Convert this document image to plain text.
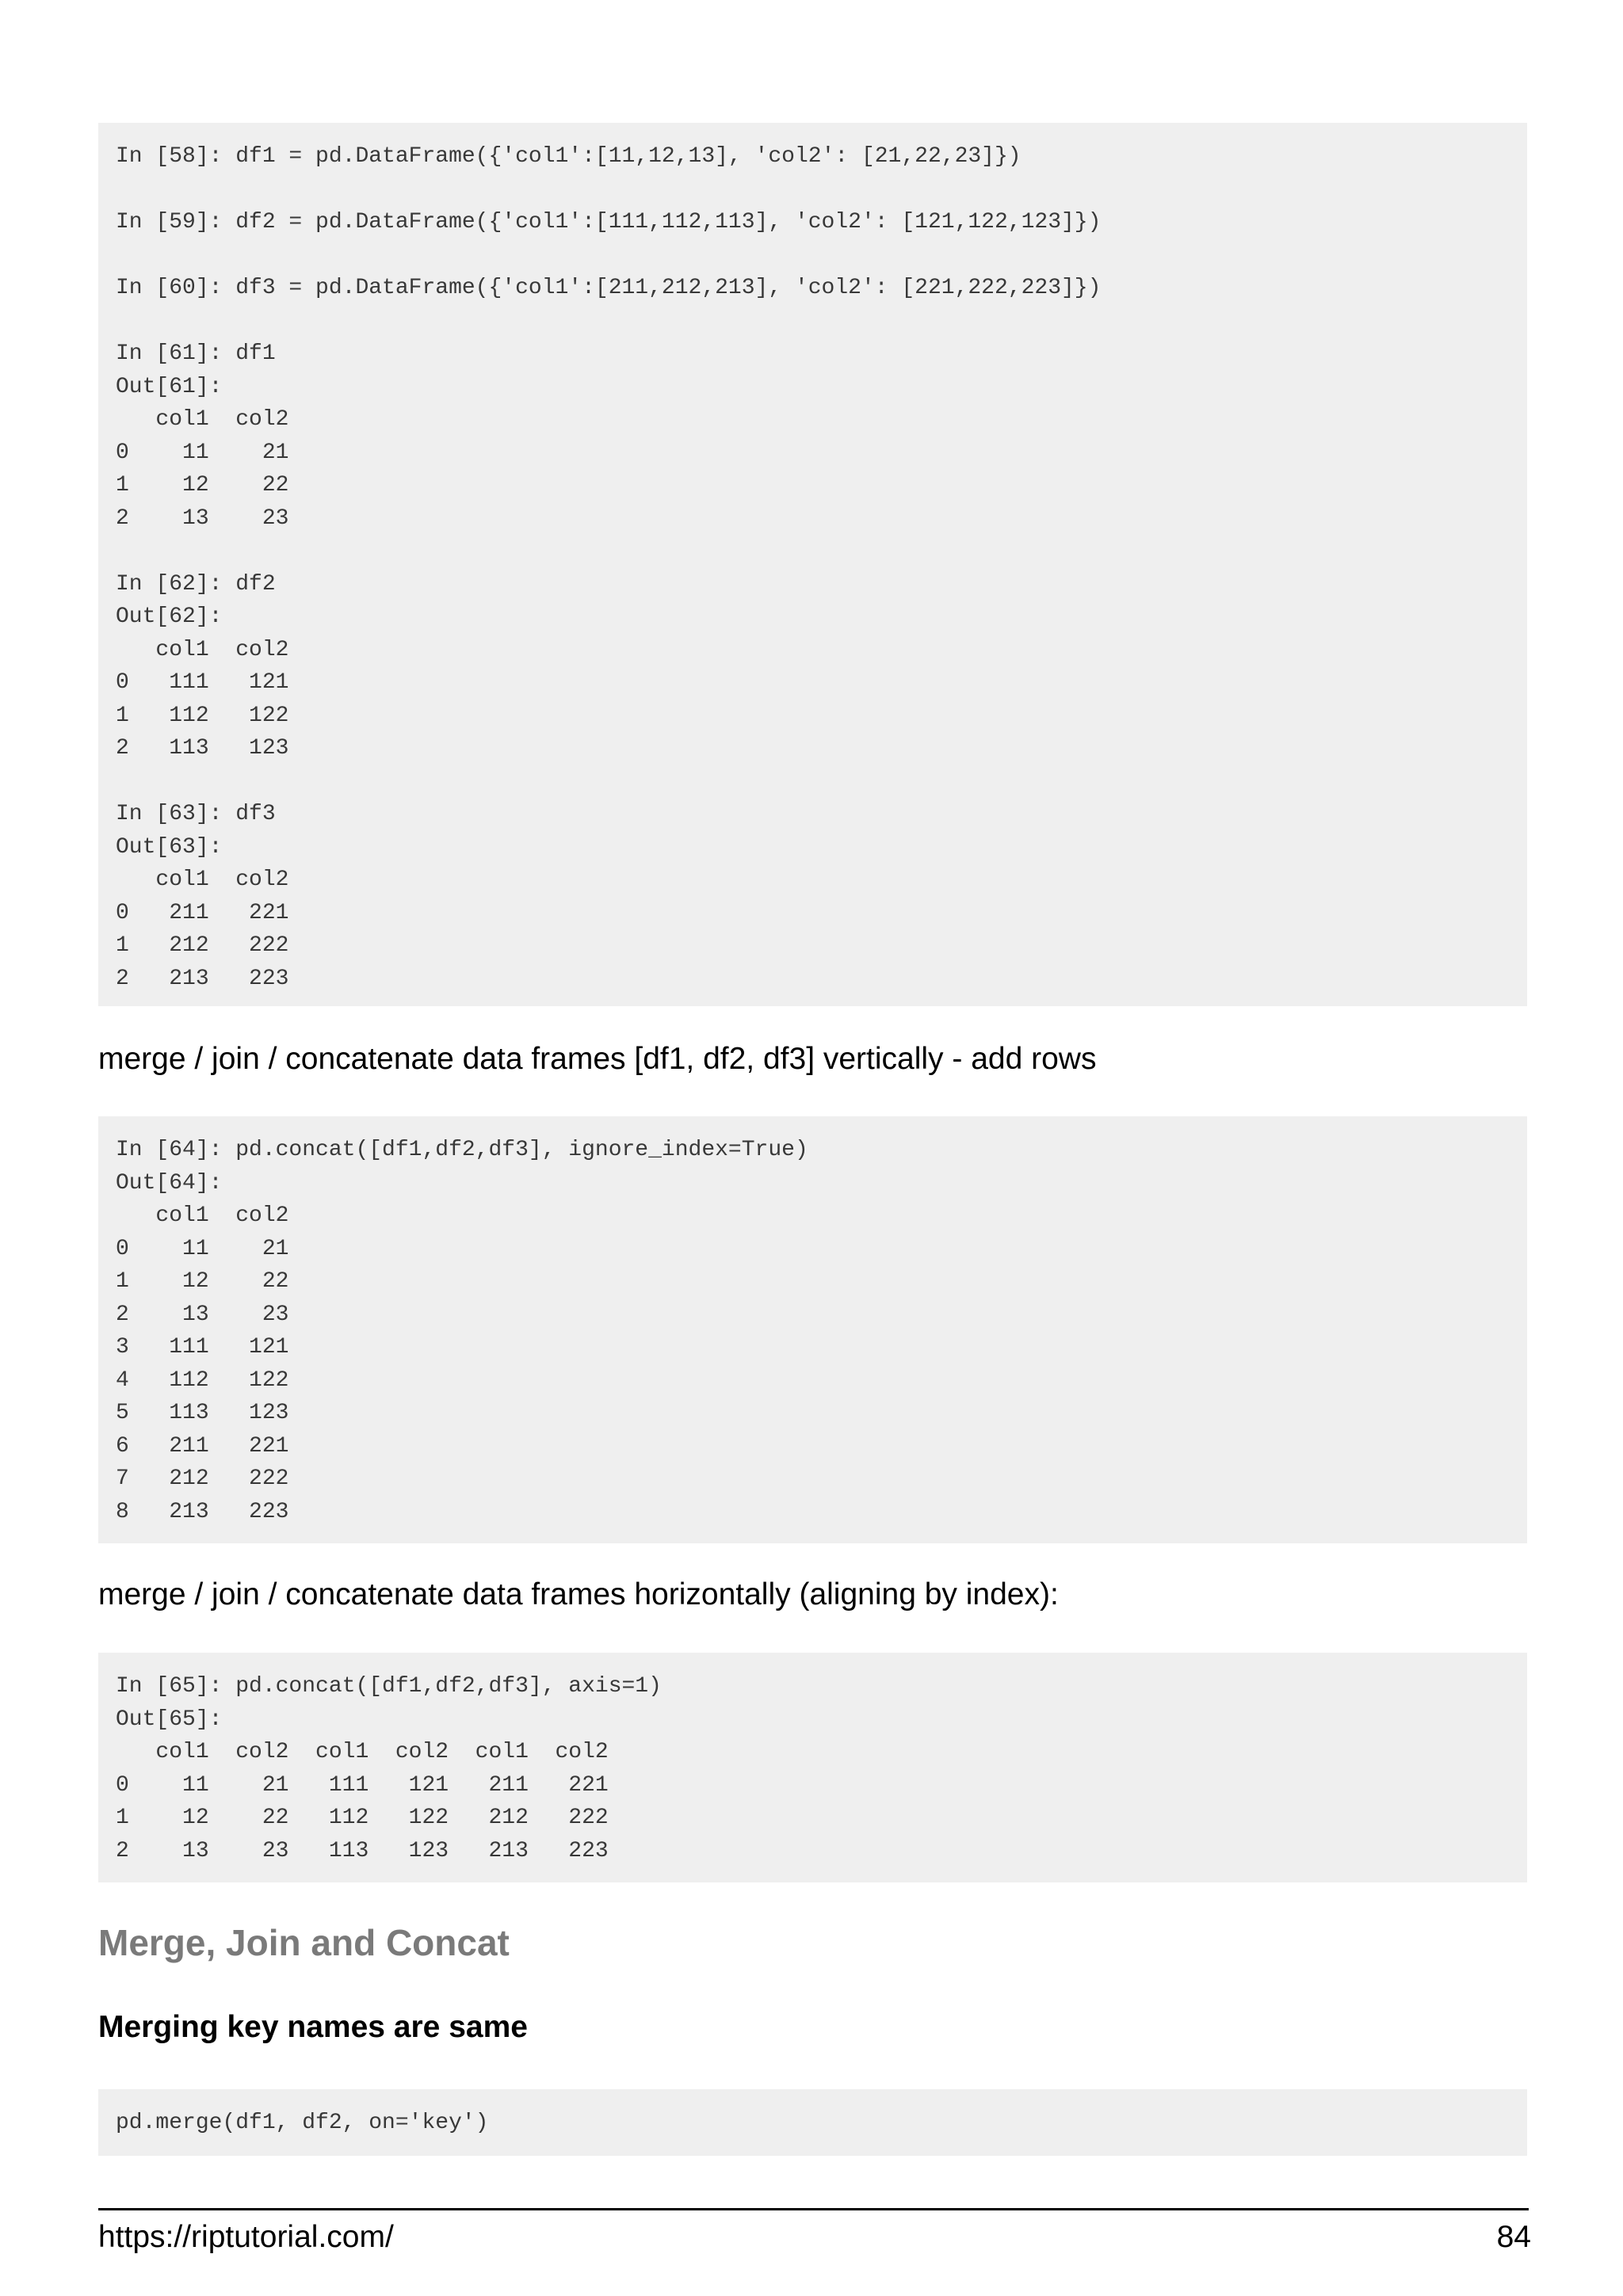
In [58]: df1 = pd.DataFrame({'col1':[11,12,13], 'col2': [21,22,23]})

In [59]: df2 = pd.DataFrame({'col1':[111,112,113], 'col2': [121,122,123]})

In [60]: df3 = pd.DataFrame({'col1':[211,212,213], 'col2': [221,222,223]})

In [61]: df1
Out[61]:
col1  col2
0    11    21
1    12    22
2    13    23

In [62]: df2
Out[62]:
col1  col2
0   111   121
1   112   122
2   113   123

In [63]: df3
Out[63]:
col1  col2
0   211   221
1   212   222
2   213   223

merge / join / concatenate data frames [df1, df2, df3] vertically - add rows

In [64]: pd.concat([df1,df2,df3], ignore_index=True)
Out[64]:
col1  col2
0    11    21
1    12    22
2    13    23
3   111   121
4   112   122
5   113   123
6   211   221
7   212   222
8   213   223

merge / join / concatenate data frames horizontally (aligning by index):

In [65]: pd.concat([df1,df2,df3], axis=1)
Out[65]:
col1  col2  col1  col2  col1  col2
0    11    21   111   121   211   221
1    12    22   112   122   212   222
2    13    23   113   123   213   223
Merge, Join and Concat
Merging key names are same
pd.merge(df1, df2, on='key')
https://riptutorial.com/	84
